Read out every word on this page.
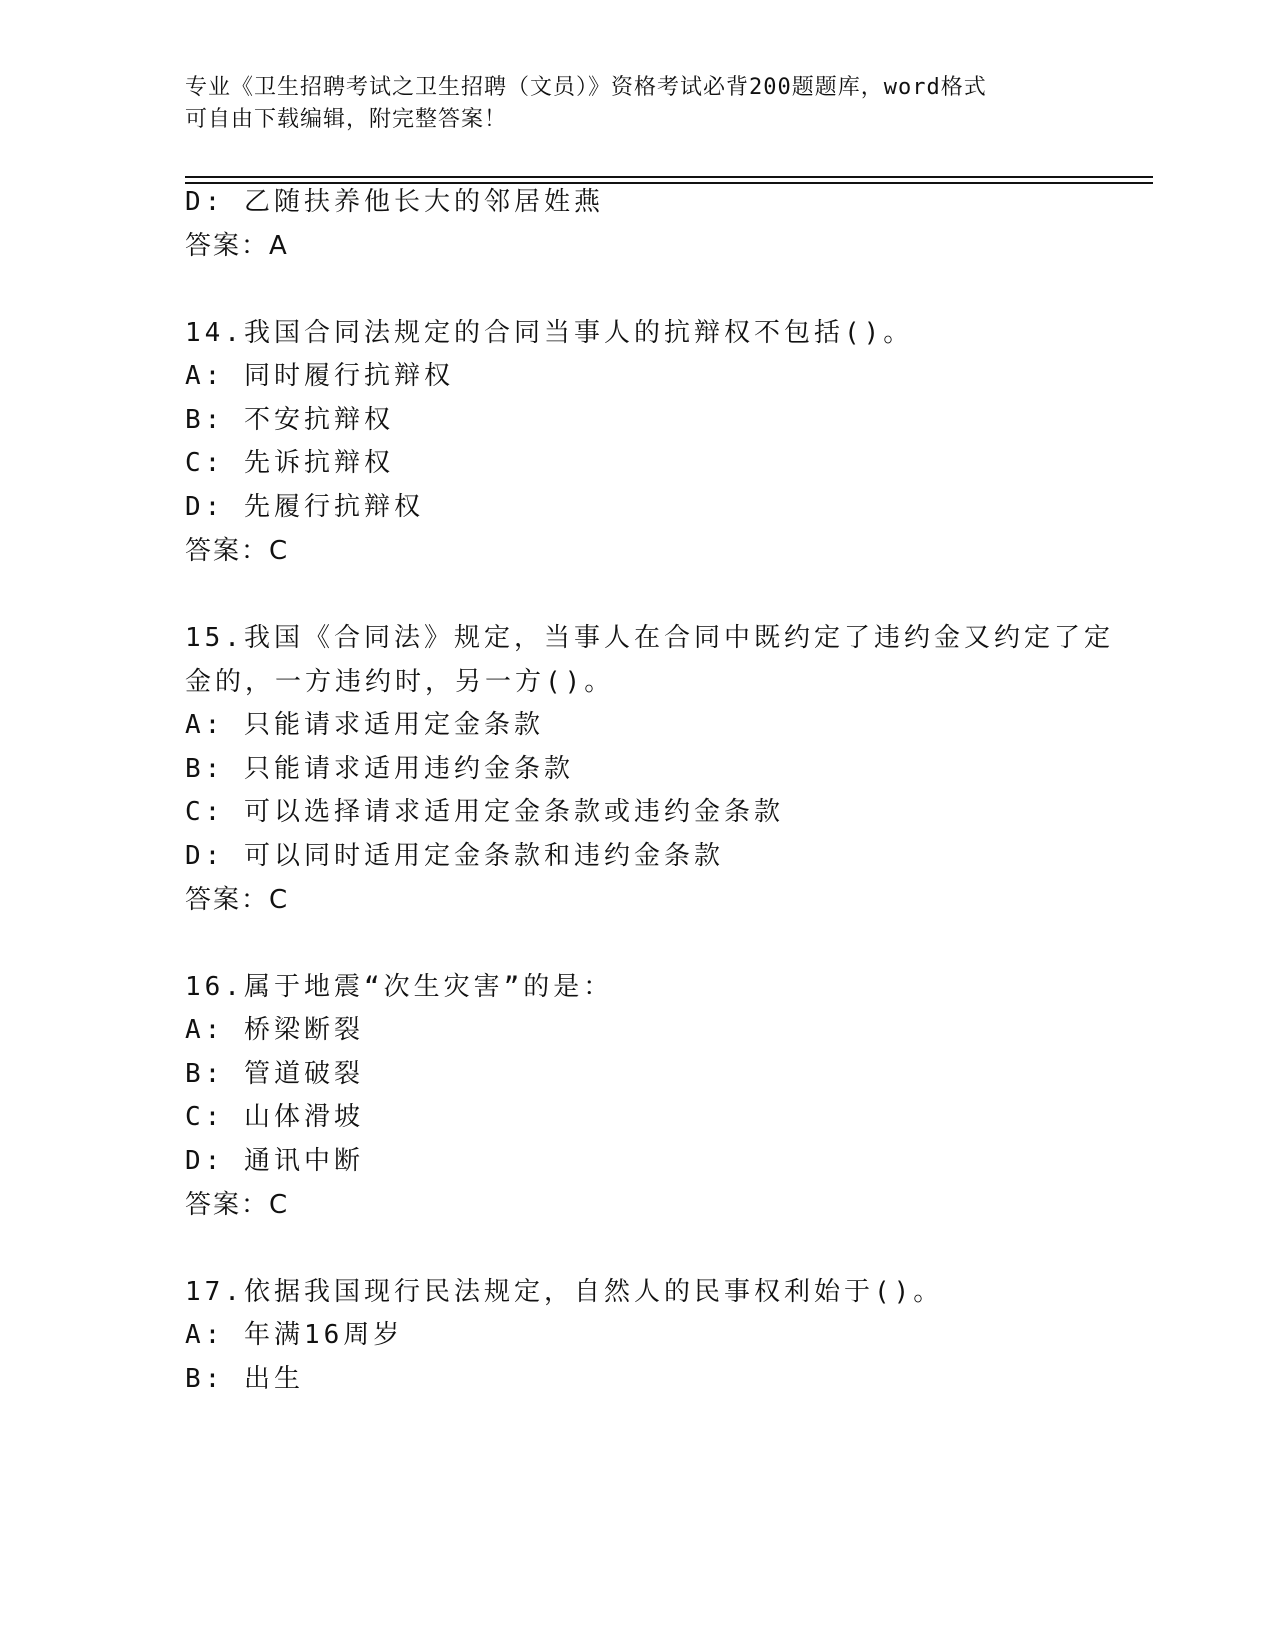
专业《卫生招聘考试之卫生招聘（文员）》资格考试必背200题题库，word格式
可自由下载编辑，附完整答案！
D: 乙随扶养他长大的邻居姓燕
答案：A
14.我国合同法规定的合同当事人的抗辩权不包括()。
A: 同时履行抗辩权
B: 不安抗辩权
C: 先诉抗辩权
D: 先履行抗辩权
答案：C
15.我国《合同法》规定，当事人在合同中既约定了违约金又约定了定
金的，一方违约时，另一方()。
A: 只能请求适用定金条款
B: 只能请求适用违约金条款
C: 可以选择请求适用定金条款或违约金条款
D: 可以同时适用定金条款和违约金条款
答案：C
16.属于地震“次生灾害”的是：
A: 桥梁断裂
B: 管道破裂
C: 山体滑坡
D: 通讯中断
答案：C
17.依据我国现行民法规定，自然人的民事权利始于()。
A: 年满16周岁
B: 出生
